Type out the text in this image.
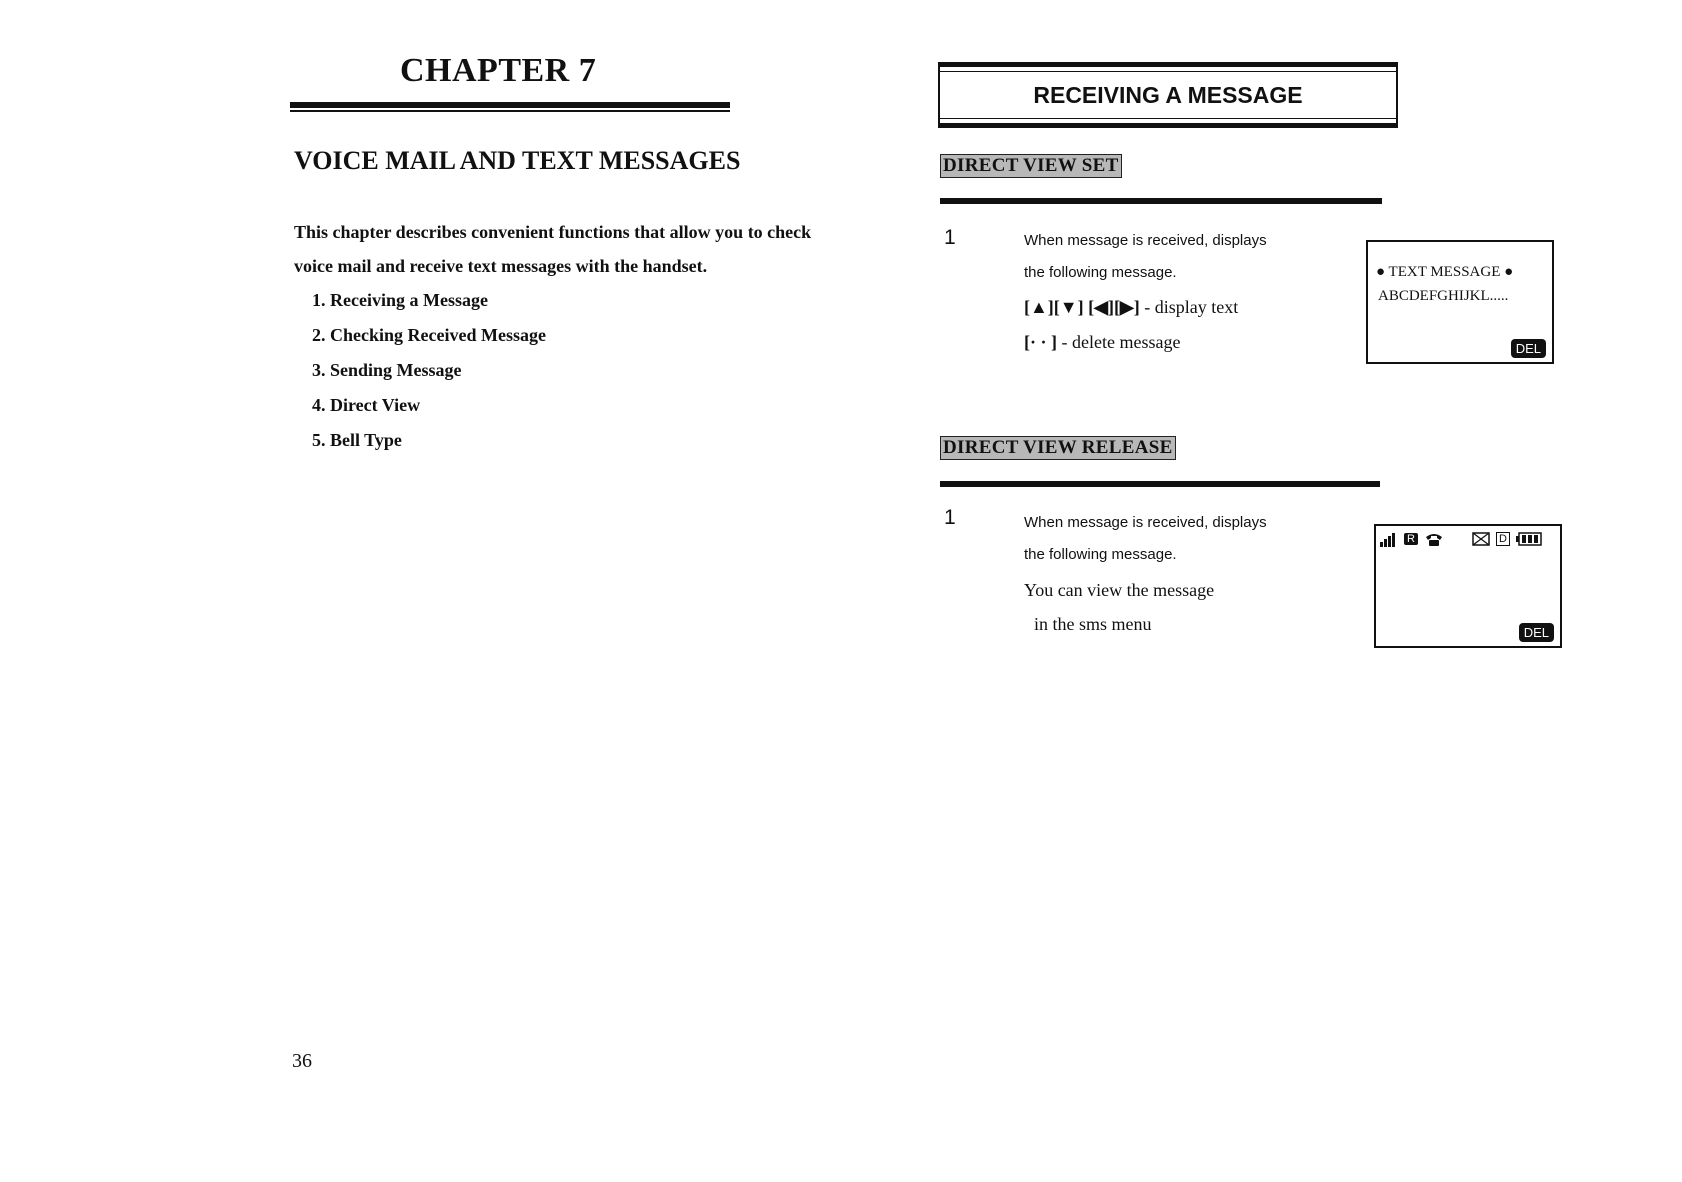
CHAPTER 7
VOICE MAIL AND TEXT MESSAGES
This chapter describes convenient functions that allow you to check
voice mail and receive text messages with the handset.
1. Receiving a Message
2. Checking Received Message
3. Sending Message
4. Direct View
5. Bell Type
36
RECEIVING A MESSAGE
DIRECT VIEW SET
1	When message is received, displays
the following message.
[▲][▼] [◀][▶] - display text
[· · ] - delete message
● TEXT MESSAGE ●
ABCDEFGHIJKL.....
DEL
DIRECT VIEW RELEASE
1	When message is received, displays
the following message.
You can view the message
in the sms menu
R	D
DEL
